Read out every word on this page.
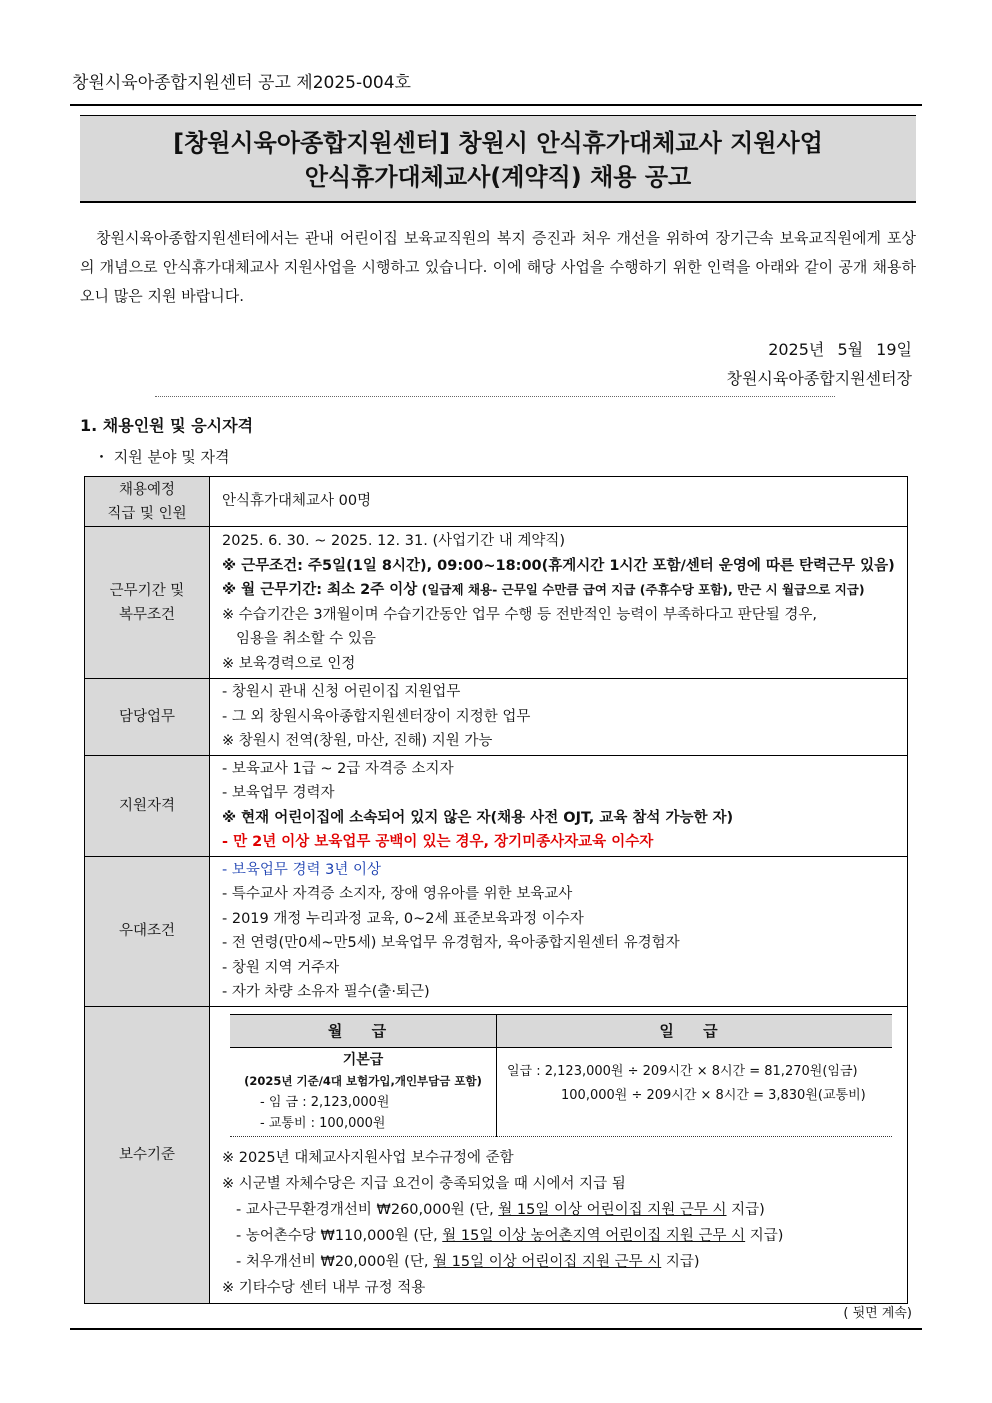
창원시육아종합지원센터 공고 제2025-004호
[창원시육아종합지원센터] 창원시 안식휴가대체교사 지원사업
안식휴가대체교사(계약직) 채용 공고
창원시육아종합지원센터에서는 관내 어린이집 보육교직원의 복지 증진과 처우 개선을 위하여 장기근속 보육교직원에게 포상의 개념으로 안식휴가대체교사 지원사업을 시행하고 있습니다. 이에 해당 사업을 수행하기 위한 인력을 아래와 같이 공개 채용하오니 많은 지원 바랍니다.
2025년 5월 19일
창원시육아종합지원센터장
1. 채용인원 및 응시자격
・ 지원 분야 및 자격
채용예정
직급 및 인원

안식휴가대체교사 00명

근무기간 및
복무조건

2025. 6. 30. ~ 2025. 12. 31. (사업기간 내 계약직)
※ 근무조건: 주5일(1일 8시간), 09:00~18:00(휴게시간 1시간 포함/센터 운영에 따른 탄력근무 있음)
※ 월 근무기간: 최소 2주 이상 (일급제 채용- 근무일 수만큼 급여 지급 (주휴수당 포함), 만근 시 월급으로 지급)
※ 수습기간은 3개월이며 수습기간동안 업무 수행 등 전반적인 능력이 부족하다고 판단될 경우,
임용을 취소할 수 있음
※ 보육경력으로 인정

담당업무

- 창원시 관내 신청 어린이집 지원업무
- 그 외 창원시육아종합지원센터장이 지정한 업무
※ 창원시 전역(창원, 마산, 진해) 지원 가능

지원자격

- 보육교사 1급 ~ 2급 자격증 소지자
- 보육업무 경력자
※ 현재 어린이집에 소속되어 있지 않은 자(채용 사전 OJT, 교육 참석 가능한 자)
- 만 2년 이상 보육업무 공백이 있는 경우, 장기미종사자교육 이수자

우대조건

- 보육업무 경력 3년 이상
- 특수교사 자격증 소지자, 장애 영유아를 위한 보육교사
- 2019 개정 누리과정 교육, 0~2세 표준보육과정 이수자
- 전 연령(만0세~만5세) 보육업무 유경험자, 육아종합지원센터 유경험자
- 창원 지역 거주자
- 자가 차량 소유자 필수(출·퇴근)

보수기준

월 급	일 급

기본급
(2025년 기준/4대 보험가입,개인부담금 포함)
- 임 금 : 2,123,000원
- 교통비 : 100,000원

일급 : 2,123,000원 ÷ 209시간 × 8시간 = 81,270원(임금)
100,000원 ÷ 209시간 × 8시간 = 3,830원(교통비)
※ 2025년 대체교사지원사업 보수규정에 준함
※ 시군별 자체수당은 지급 요건이 충족되었을 때 시에서 지급 됨
- 교사근무환경개선비 ₩260,000원 (단, 월 15일 이상 어린이집 지원 근무 시 지급)
- 농어촌수당 ₩110,000원 (단, 월 15일 이상 농어촌지역 어린이집 지원 근무 시 지급)
- 처우개선비 ₩20,000원 (단, 월 15일 이상 어린이집 지원 근무 시 지급)
※ 기타수당 센터 내부 규정 적용
( 뒷면 계속)
